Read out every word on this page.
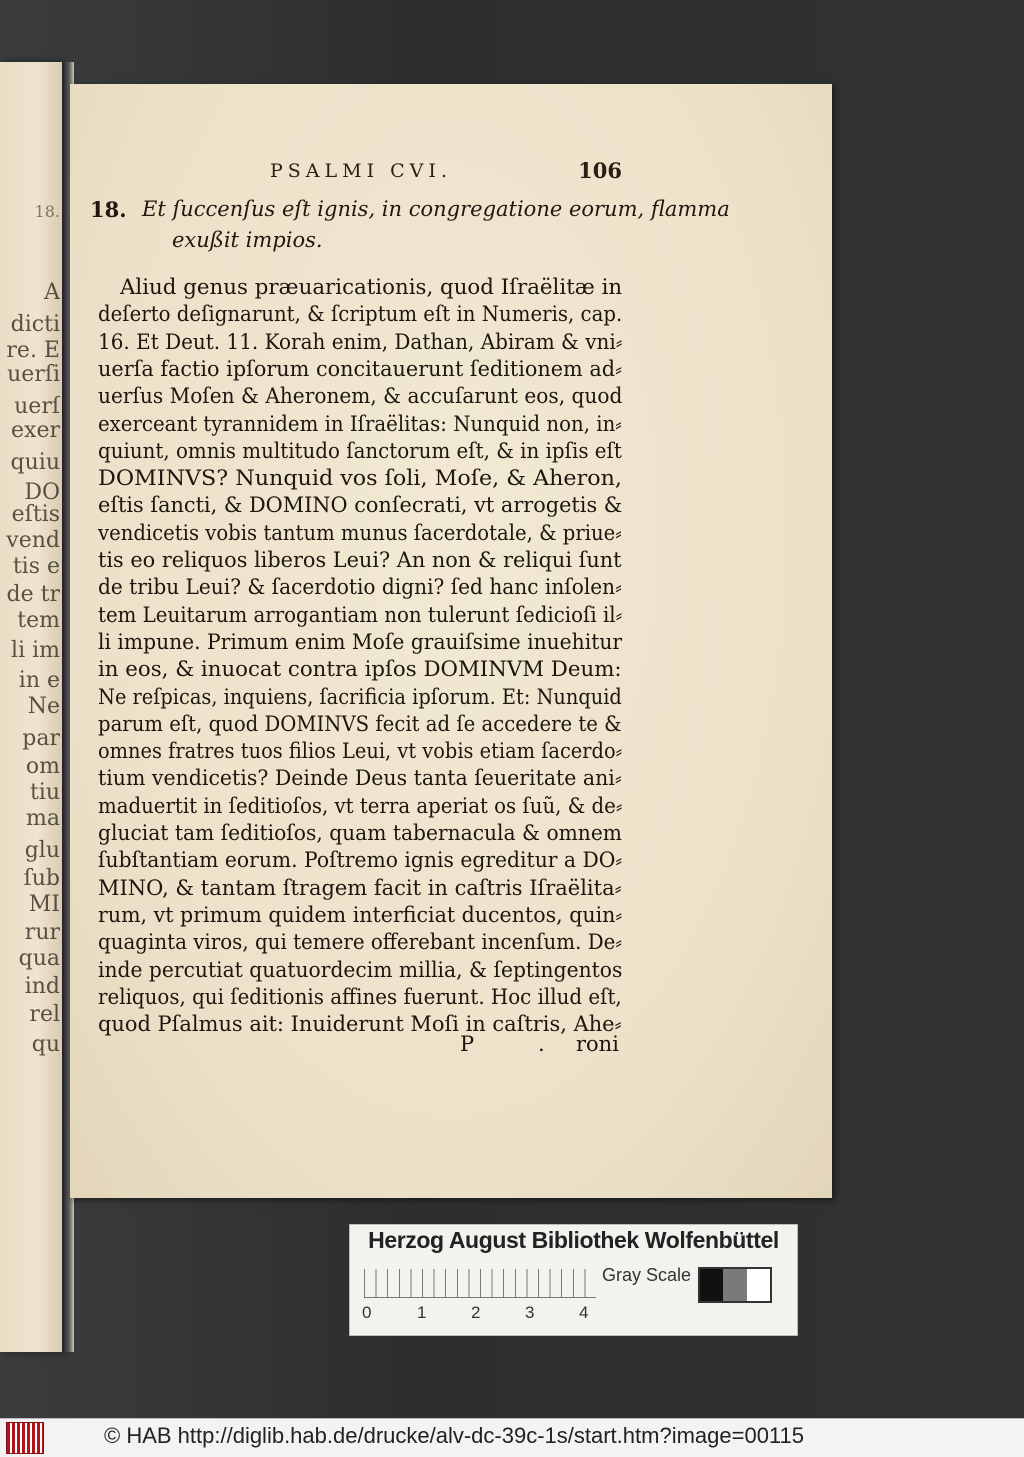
18.
A
dicti
re. E
uerſi
uerſ
exer
quiu
DO
eſtis
vend
tis e
de tr
tem
li im
in e
Ne
par
om
tiu
ma
glu
ſub
MI
rur
qua
ind
rel
qu
PSALMI CVI.	106
18. Et ſuccenſus eſt ignis, in congregatione eorum, flamma
exußit impios.
Aliud genus præuaricationis, quod Iſraëlitæ in
deſerto deſignarunt, & ſcriptum eſt in Numeris, cap.
16. Et Deut. 11. Korah enim, Dathan, Abiram & vni⸗
uerſa factio ipſorum concitauerunt ſeditionem ad⸗
uerſus Moſen & Aheronem, & accuſarunt eos, quod
exerceant tyrannidem in Iſraëlitas: Nunquid non, in⸗
quiunt, omnis multitudo ſanctorum eſt, & in ipſis eſt
DOMINVS? Nunquid vos ſoli, Moſe, & Aheron,
eſtis ſancti, & DOMINO conſecrati, vt arrogetis &
vendicetis vobis tantum munus ſacerdotale, & priue⸗
tis eo reliquos liberos Leui? An non & reliqui ſunt
de tribu Leui? & ſacerdotio digni? ſed hanc inſolen⸗
tem Leuitarum arrogantiam non tulerunt ſedicioſi il⸗
li impune. Primum enim Moſe grauiſsime inuehitur
in eos, & inuocat contra ipſos DOMINVM Deum:
Ne reſpicas, inquiens, ſacrificia ipſorum. Et: Nunquid
parum eſt, quod DOMINVS fecit ad ſe accedere te &
omnes fratres tuos filios Leui, vt vobis etiam ſacerdo⸗
tium vendicetis? Deinde Deus tanta ſeueritate ani⸗
maduertit in ſeditioſos, vt terra aperiat os ſuũ, & de⸗
gluciat tam ſeditioſos, quam tabernacula & omnem
ſubſtantiam eorum. Poſtremo ignis egreditur a DO⸗
MINO, & tantam ſtragem facit in caſtris Iſraëlita⸗
rum, vt primum quidem interficiat ducentos, quin⸗
quaginta viros, qui temere offerebant incenſum. De⸗
inde percutiat quatuordecim millia, & ſeptingentos
reliquos, qui ſeditionis affines fuerunt. Hoc illud eſt,
quod Pſalmus ait: Inuiderunt Moſi in caſtris, Ahe⸗
P	. roni
Herzog August Bibliothek Wolfenbüttel
0	1	2	3	4
Gray Scale
© HAB http://diglib.hab.de/drucke/alv-dc-39c-1s/start.htm?image=00115
